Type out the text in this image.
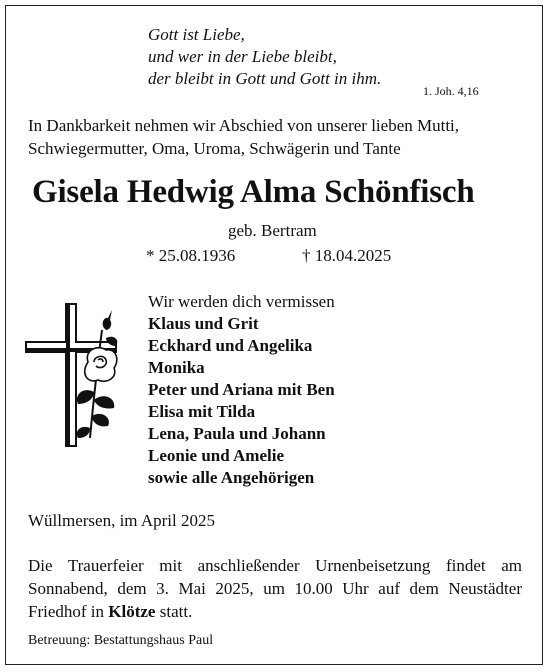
Gott ist Liebe,
und wer in der Liebe bleibt,
der bleibt in Gott und Gott in ihm.
1. Joh. 4,16
In Dankbarkeit nehmen wir Abschied von unserer lieben Mutti,
Schwiegermutter, Oma, Uroma, Schwägerin und Tante
Gisela Hedwig Alma Schönfisch
geb. Bertram
* 25.08.1936	† 18.04.2025
Wir werden dich vermissen
Klaus und Grit
Eckhard und Angelika
Monika
Peter und Ariana mit Ben
Elisa mit Tilda
Lena, Paula und Johann
Leonie und Amelie
sowie alle Angehörigen
Wüllmersen, im April 2025
Die Trauerfeier mit anschließender Urnenbeisetzung findet am
Sonnabend, dem 3. Mai 2025, um 10.00 Uhr auf dem Neustädter
Friedhof in Klötze statt.
Betreuung: Bestattungshaus Paul
